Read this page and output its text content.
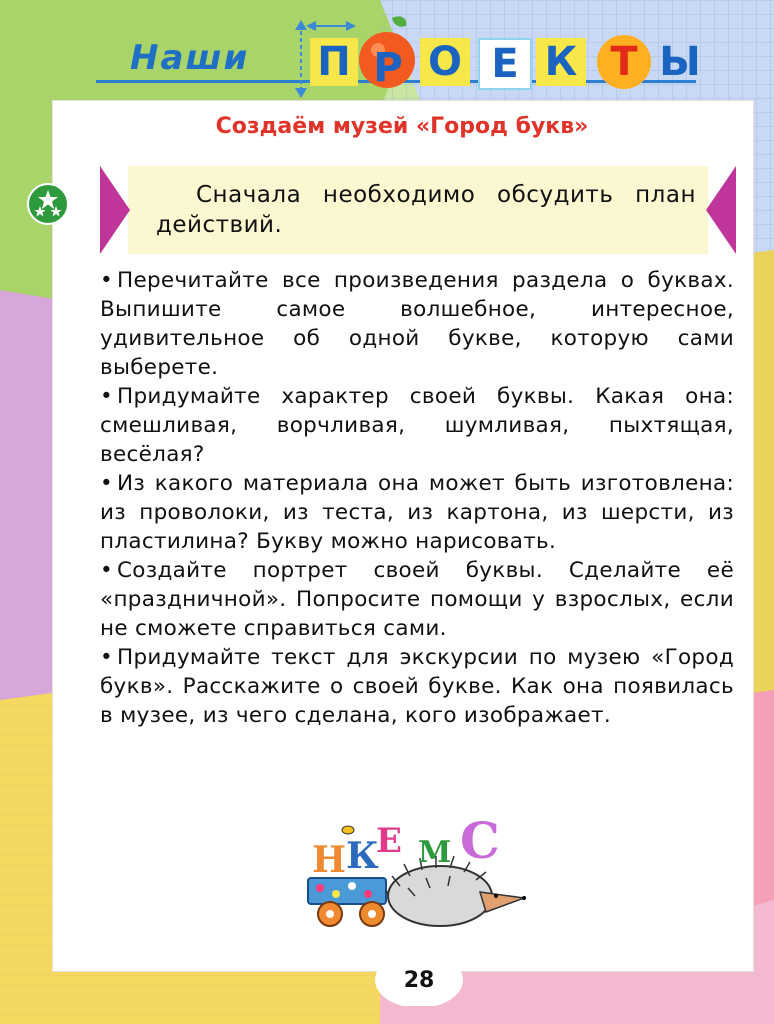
Наши П Р О Е К Т Ы
Создаём музей «Город букв»
Сначала необходимо обсудить план действий.

• Перечитайте все произведения раздела о буквах. Выпишите самое волшебное, интересное, удивительное об одной букве, которую сами выберете.

• Придумайте характер своей буквы. Какая она: смешливая, ворчливая, шумливая, пыхтящая, весёлая?

• Из какого материала она может быть изготовлена: из проволоки, из теста, из картона, из шерсти, из пластилина? Букву можно нарисовать.

• Создайте портрет своей буквы. Сделайте её «праздничной». Попросите помощи у взрослых, если не сможете справиться сами.

• Придумайте текст для экскурсии по музею «Город букв». Расскажите о своей букве. Как она появилась в музее, из чего сделана, кого изображает.

Н К
Е М С
28
